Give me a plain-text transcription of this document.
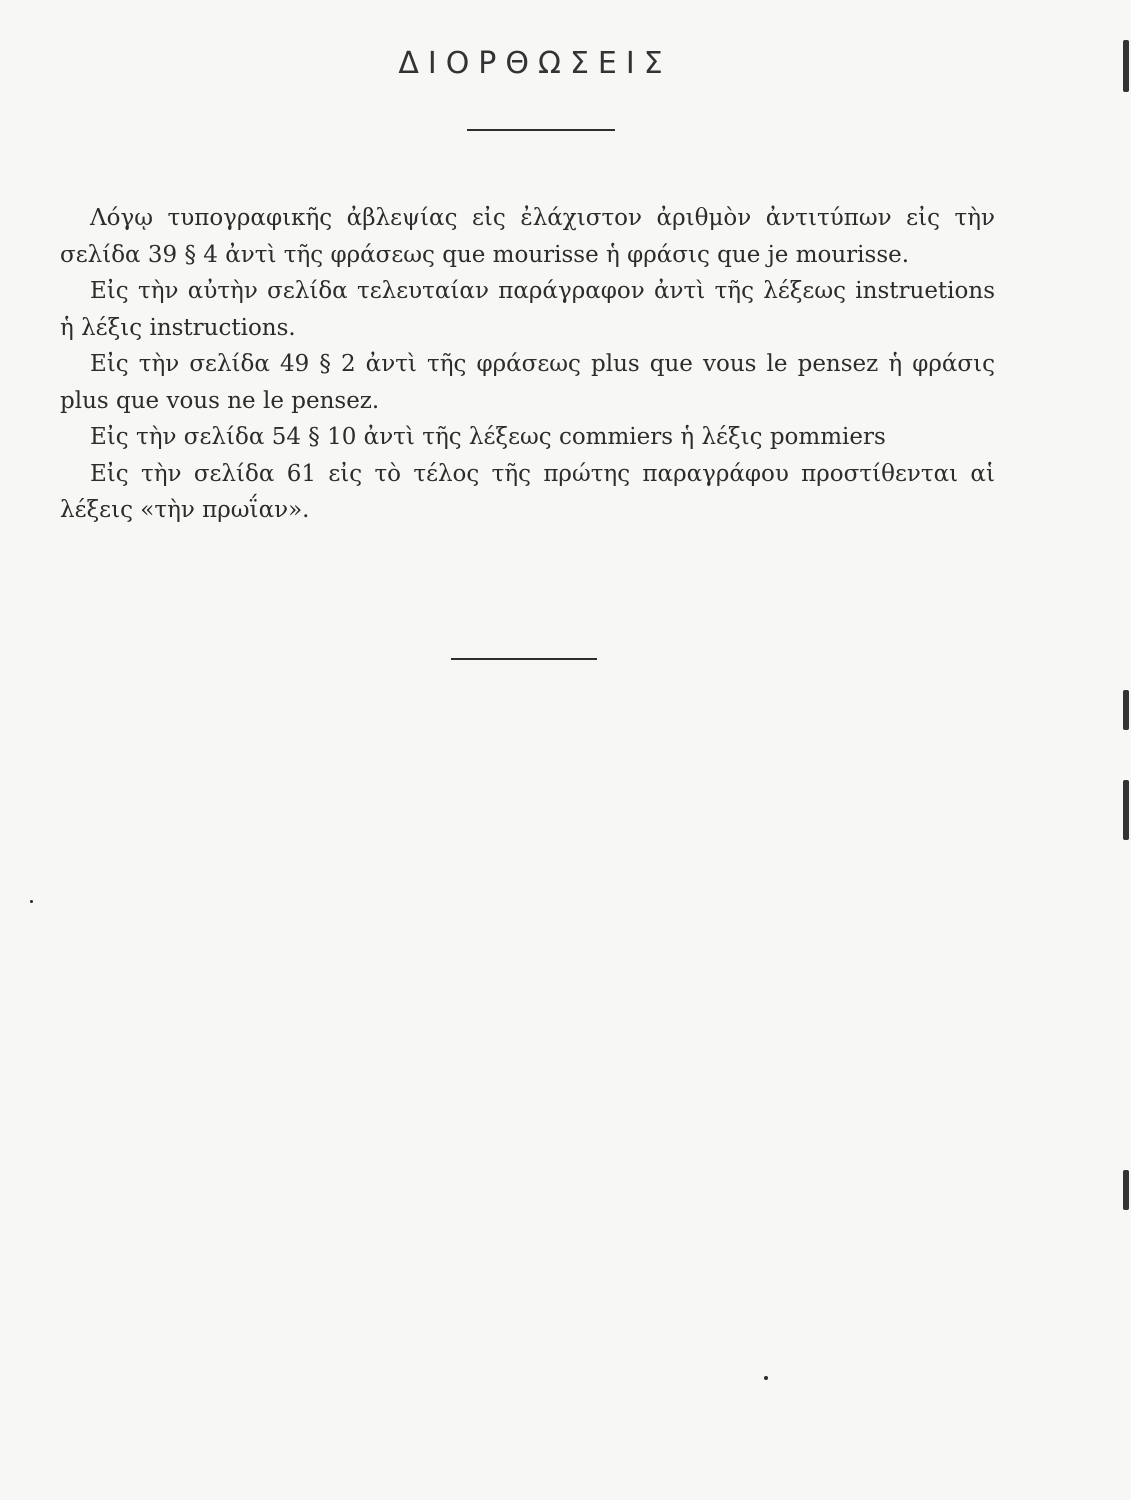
ΔΙΟΡΘΩΣΕΙΣ

Λόγῳ τυπογραφικῆς ἀβλεψίας εἰς ἐλάχιστον ἀριθμὸν ἀντιτύπων εἰς τὴν σελίδα 39 § 4 ἀντὶ τῆς φράσεως que mourisse ἡ φράσις que je mourisse.

Εἰς τὴν αὐτὴν σελίδα τελευταίαν παράγραφον ἀντὶ τῆς λέξεως instruetions ἡ λέξις instructions.

Εἰς τὴν σελίδα 49 § 2 ἀντὶ τῆς φράσεως plus que vous le pensez ἡ φράσις plus que vous ne le pensez.

Εἰς τὴν σελίδα 54 § 10 ἀντὶ τῆς λέξεως commiers ἡ λέξις pommiers

Εἰς τὴν σελίδα 61 εἰς τὸ τέλος τῆς πρώτης παραγράφου προστίθενται αἱ λέξεις «τὴν πρωΐαν».
